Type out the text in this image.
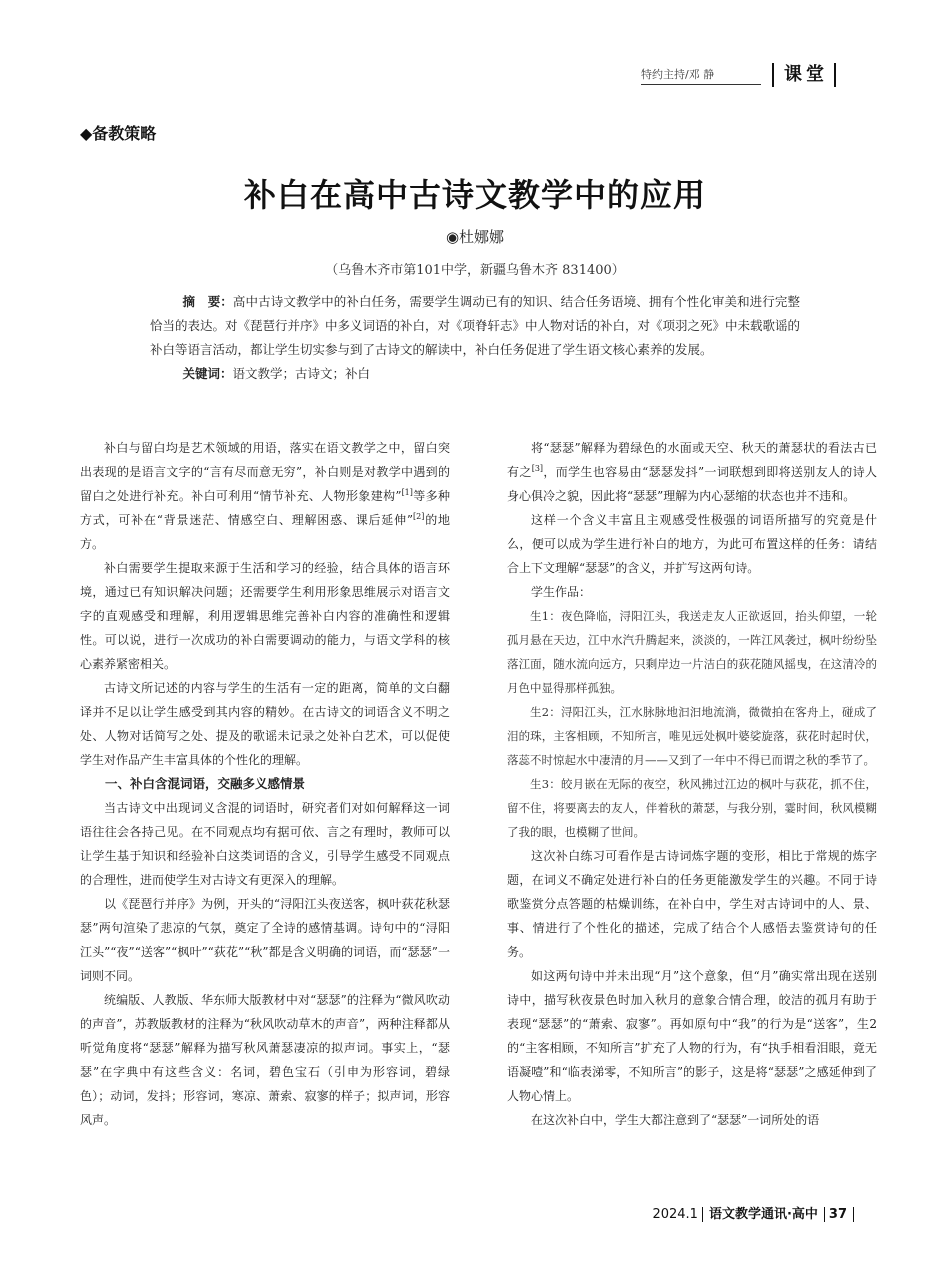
特约主持/邓 静	课堂
◆备教策略
补白在高中古诗文教学中的应用
◉杜娜娜
（乌鲁木齐市第101中学，新疆乌鲁木齐 831400）

摘　要：高中古诗文教学中的补白任务，需要学生调动已有的知识、结合任务语境、拥有个性化审美和进行完整恰当的表达。对《琵琶行并序》中多义词语的补白，对《项脊轩志》中人物对话的补白，对《项羽之死》中未载歌谣的补白等语言活动，都让学生切实参与到了古诗文的解读中，补白任务促进了学生语文核心素养的发展。

关键词：语文教学；古诗文；补白

补白与留白均是艺术领域的用语，落实在语文教学之中，留白突出表现的是语言文字的“言有尽而意无穷”，补白则是对教学中遇到的留白之处进行补充。补白可利用“情节补充、人物形象建构”[1]等多种方式，可补在“背景迷茫、情感空白、理解困惑、课后延伸”[2]的地方。

补白需要学生提取来源于生活和学习的经验，结合具体的语言环境，通过已有知识解决问题；还需要学生利用形象思维展示对语言文字的直观感受和理解，利用逻辑思维完善补白内容的准确性和逻辑性。可以说，进行一次成功的补白需要调动的能力，与语文学科的核心素养紧密相关。

古诗文所记述的内容与学生的生活有一定的距离，简单的文白翻译并不足以让学生感受到其内容的精妙。在古诗文的词语含义不明之处、人物对话简写之处、提及的歌谣未记录之处补白艺术，可以促使学生对作品产生丰富具体的个性化的理解。

一、补白含混词语，交融多义感情景

当古诗文中出现词义含混的词语时，研究者们对如何解释这一词语往往会各持己见。在不同观点均有据可依、言之有理时，教师可以让学生基于知识和经验补白这类词语的含义，引导学生感受不同观点的合理性，进而使学生对古诗文有更深入的理解。

以《琵琶行并序》为例，开头的“浔阳江头夜送客，枫叶荻花秋瑟瑟”两句渲染了悲凉的气氛，奠定了全诗的感情基调。诗句中的“浔阳江头”“夜”“送客”“枫叶”“荻花”“秋”都是含义明确的词语，而“瑟瑟”一词则不同。

统编版、人教版、华东师大版教材中对“瑟瑟”的注释为“微风吹动的声音”，苏教版教材的注释为“秋风吹动草木的声音”，两种注释都从听觉角度将“瑟瑟”解释为描写秋风萧瑟凄凉的拟声词。事实上，“瑟瑟”在字典中有这些含义：名词，碧色宝石（引申为形容词，碧绿色）；动词，发抖；形容词，寒凉、萧索、寂寥的样子；拟声词，形容风声。

将“瑟瑟”解释为碧绿色的水面或天空、秋天的萧瑟状的看法古已有之[3]，而学生也容易由“瑟瑟发抖”一词联想到即将送别友人的诗人身心俱冷之貌，因此将“瑟瑟”理解为内心瑟缩的状态也并不违和。

这样一个含义丰富且主观感受性极强的词语所描写的究竟是什么，便可以成为学生进行补白的地方，为此可布置这样的任务：请结合上下文理解“瑟瑟”的含义，并扩写这两句诗。

学生作品：

生1：夜色降临，浔阳江头，我送走友人正欲返回，抬头仰望，一轮孤月悬在天边，江中水汽升腾起来，淡淡的，一阵江风袭过，枫叶纷纷坠落江面，随水流向远方，只剩岸边一片洁白的荻花随风摇曳，在这清冷的月色中显得那样孤独。

生2：浔阳江头，江水脉脉地汩汩地流淌，微微拍在客舟上，碰成了泪的珠，主客相顾，不知所言，唯见远处枫叶婆娑旋落，荻花时起时伏，落蕊不时惊起水中凄清的月——又到了一年中不得已而谓之秋的季节了。

生3：皎月嵌在无际的夜空，秋风拂过江边的枫叶与荻花，抓不住，留不住，将要离去的友人，伴着秋的萧瑟，与我分别，霎时间，秋风模糊了我的眼，也模糊了世间。

这次补白练习可看作是古诗词炼字题的变形，相比于常规的炼字题，在词义不确定处进行补白的任务更能激发学生的兴趣。不同于诗歌鉴赏分点答题的枯燥训练，在补白中，学生对古诗词中的人、景、事、情进行了个性化的描述，完成了结合个人感悟去鉴赏诗句的任务。

如这两句诗中并未出现“月”这个意象，但“月”确实常出现在送别诗中，描写秋夜景色时加入秋月的意象合情合理，皎洁的孤月有助于表现“瑟瑟”的“萧索、寂寥”。再如原句中“我”的行为是“送客”，生2的“主客相顾，不知所言”扩充了人物的行为，有“执手相看泪眼，竟无语凝噎”和“临表涕零，不知所言”的影子，这是将“瑟瑟”之感延伸到了人物心情上。

在这次补白中，学生大都注意到了“瑟瑟”一词所处的语

2024.1 语文教学通讯·高中 37
